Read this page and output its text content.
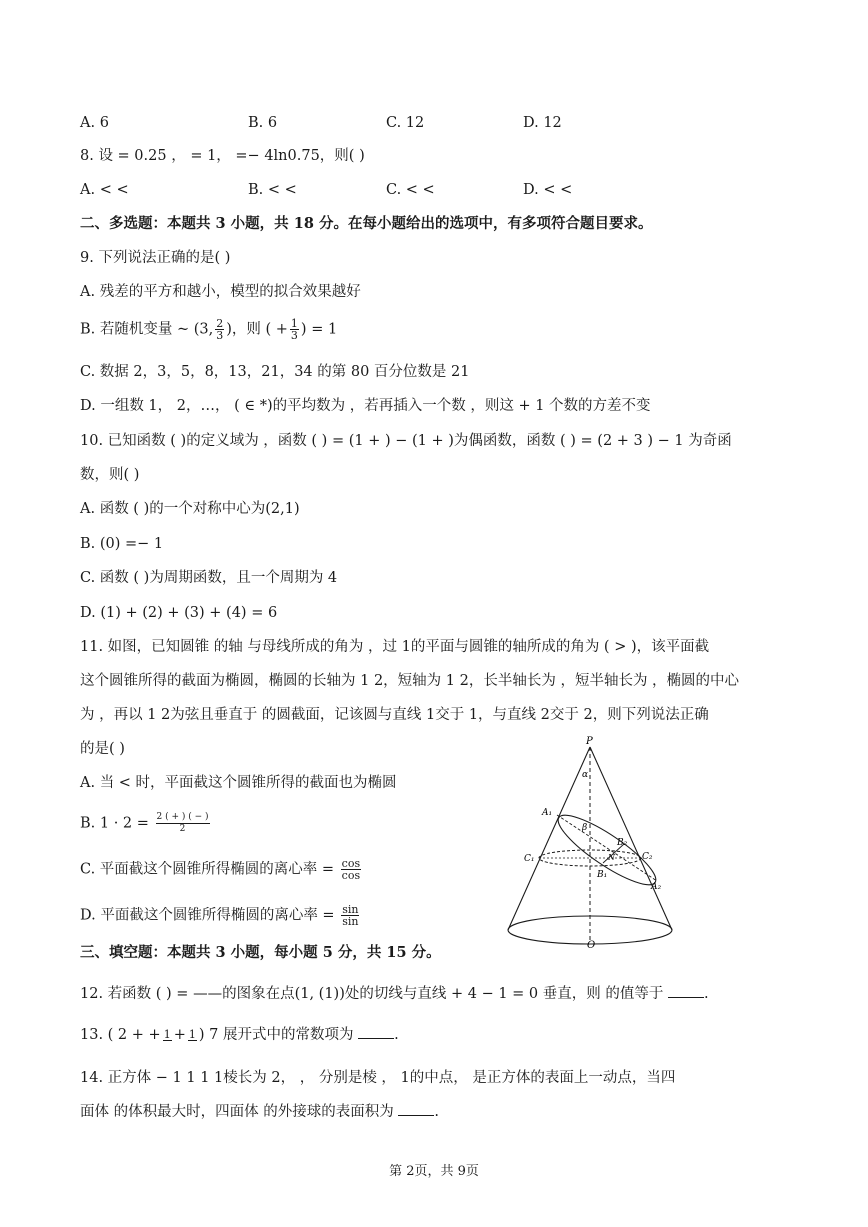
A. 6	B. 6	C. 12	D. 12
8. 设 = 0.25 ， = 1， =− 4ln0.75，则( )
A. < <	B. < <	C. < <	D. < <
二、多选题：本题共 3 小题，共 18 分。在每小题给出的选项中，有多项符合题目要求。
9. 下列说法正确的是( )
A. 残差的平方和越小，模型的拟合效果越好
B. 若随机变量 ~ (3, $\frac{2}{3}$ )，则 ( + $\frac{1}{3}$ ) = 1
C. 数据 2，3，5，8，13，21，34 的第 80 百分位数是 21
D. 一组数 1， 2，…， ( ∈ *)的平均数为 ，若再插入一个数 ，则这 + 1 个数的方差不变
10. 已知函数 ( )的定义域为 ，函数 ( ) = (1 + ) − (1 + )为偶函数，函数 ( ) = (2 + 3 ) − 1 为奇函
数，则( )
A. 函数 ( )的一个对称中心为(2,1)
B. (0) =− 1
C. 函数 ( )为周期函数，且一个周期为 4
D. (1) + (2) + (3) + (4) = 6
11. 如图，已知圆锥 的轴 与母线所成的角为 ，过 1的平面与圆锥的轴所成的角为 ( > )，该平面截
这个圆锥所得的截面为椭圆，椭圆的长轴为 1 2，短轴为 1 2，长半轴长为 ，短半轴长为 ，椭圆的中心
为 ，再以 1 2为弦且垂直于 的圆截面，记该圆与直线 1交于 1，与直线 2交于 2，则下列说法正确
的是( )
A. 当 < 时，平面截这个圆锥所得的截面也为椭圆
B. $1 \cdot 2 = \frac{2 ( + ) ( - )}{2}$
C. 平面截这个圆锥所得椭圆的离心率 = $\frac{\cos}{\cos}$
D. 平面截这个圆锥所得椭圆的离心率 = $\frac{\sin}{\sin}$
P
O
α
β
A₁
A₂
B₁
B₂
C₁	C₂
N
三、填空题：本题共 3 小题，每小题 5 分，共 15 分。
12. 若函数 ( ) = ——的图象在点(1, (1))处的切线与直线 + 4 − 1 = 0 垂直，则 的值等于	.
13. ( 2 + + 1 + 1 ) 7 展开式中的常数项为	.
14. 正方体 − 1 1 1 1棱长为 2， ， 分别是棱 ， 1的中点， 是正方体的表面上一动点，当四
面体 的体积最大时，四面体 的外接球的表面积为	.
第 2页，共 9页
